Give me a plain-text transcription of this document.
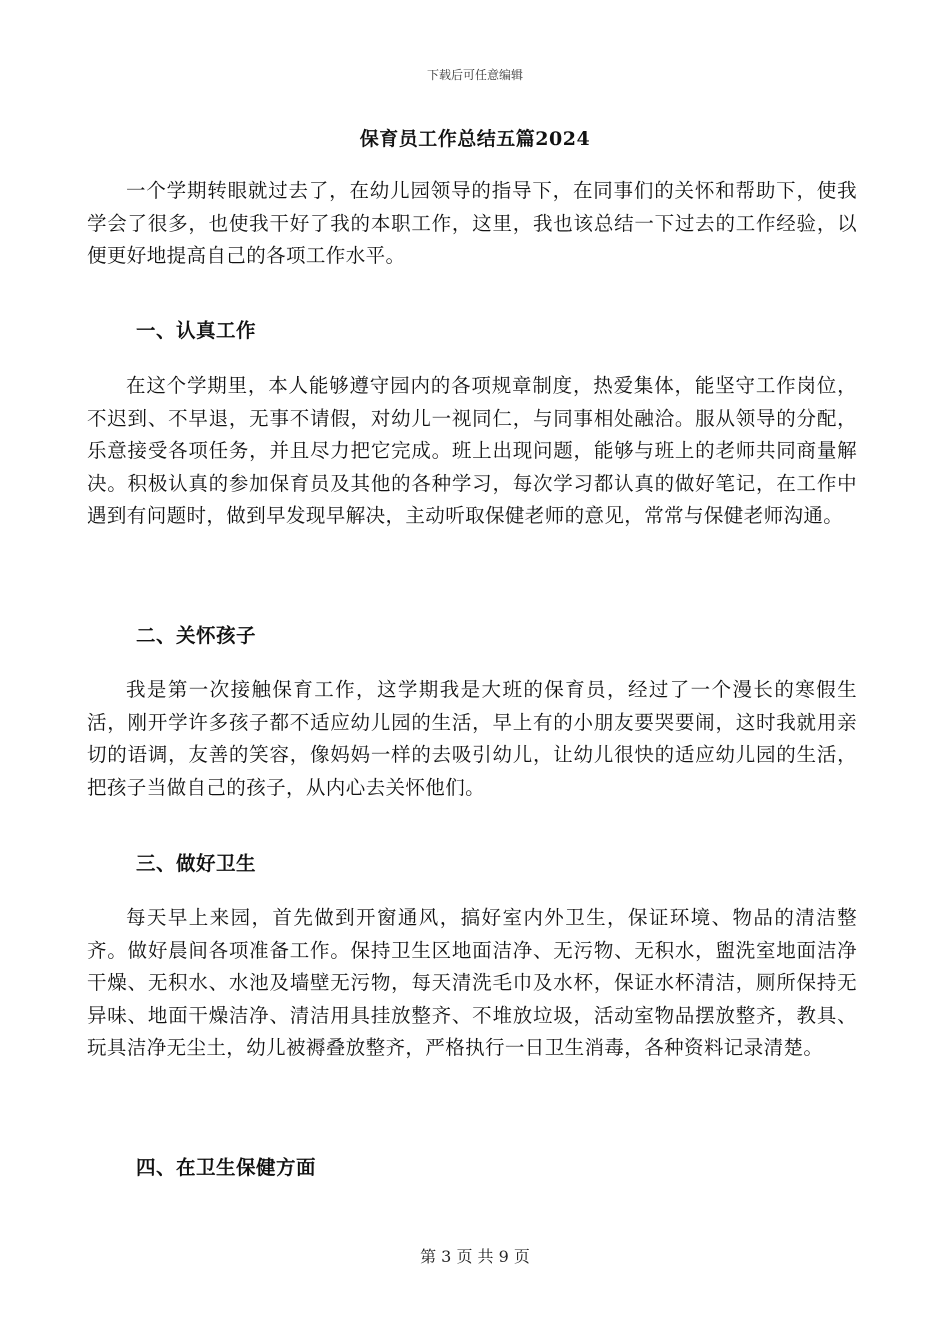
下载后可任意编辑
保育员工作总结五篇2024

一个学期转眼就过去了，在幼儿园领导的指导下，在同事们的关怀和帮助下，使我学会了很多，也使我干好了我的本职工作，这里，我也该总结一下过去的工作经验，以便更好地提高自己的各项工作水平。

一、认真工作

在这个学期里，本人能够遵守园内的各项规章制度，热爱集体，能坚守工作岗位，不迟到、不早退，无事不请假，对幼儿一视同仁，与同事相处融洽。服从领导的分配，乐意接受各项任务，并且尽力把它完成。班上出现问题，能够与班上的老师共同商量解决。积极认真的参加保育员及其他的各种学习，每次学习都认真的做好笔记，在工作中遇到有问题时，做到早发现早解决，主动听取保健老师的意见，常常与保健老师沟通。

二、关怀孩子

我是第一次接触保育工作，这学期我是大班的保育员，经过了一个漫长的寒假生活，刚开学许多孩子都不适应幼儿园的生活，早上有的小朋友要哭要闹，这时我就用亲切的语调，友善的笑容，像妈妈一样的去吸引幼儿，让幼儿很快的适应幼儿园的生活，把孩子当做自己的孩子，从内心去关怀他们。

三、做好卫生

每天早上来园，首先做到开窗通风，搞好室内外卫生，保证环境、物品的清洁整齐。做好晨间各项准备工作。保持卫生区地面洁净、无污物、无积水，盥洗室地面洁净干燥、无积水、水池及墙壁无污物，每天清洗毛巾及水杯，保证水杯清洁，厕所保持无异味、地面干燥洁净、清洁用具挂放整齐、不堆放垃圾，活动室物品摆放整齐，教具、玩具洁净无尘土，幼儿被褥叠放整齐，严格执行一日卫生消毒，各种资料记录清楚。

四、在卫生保健方面
第 3 页 共 9 页
